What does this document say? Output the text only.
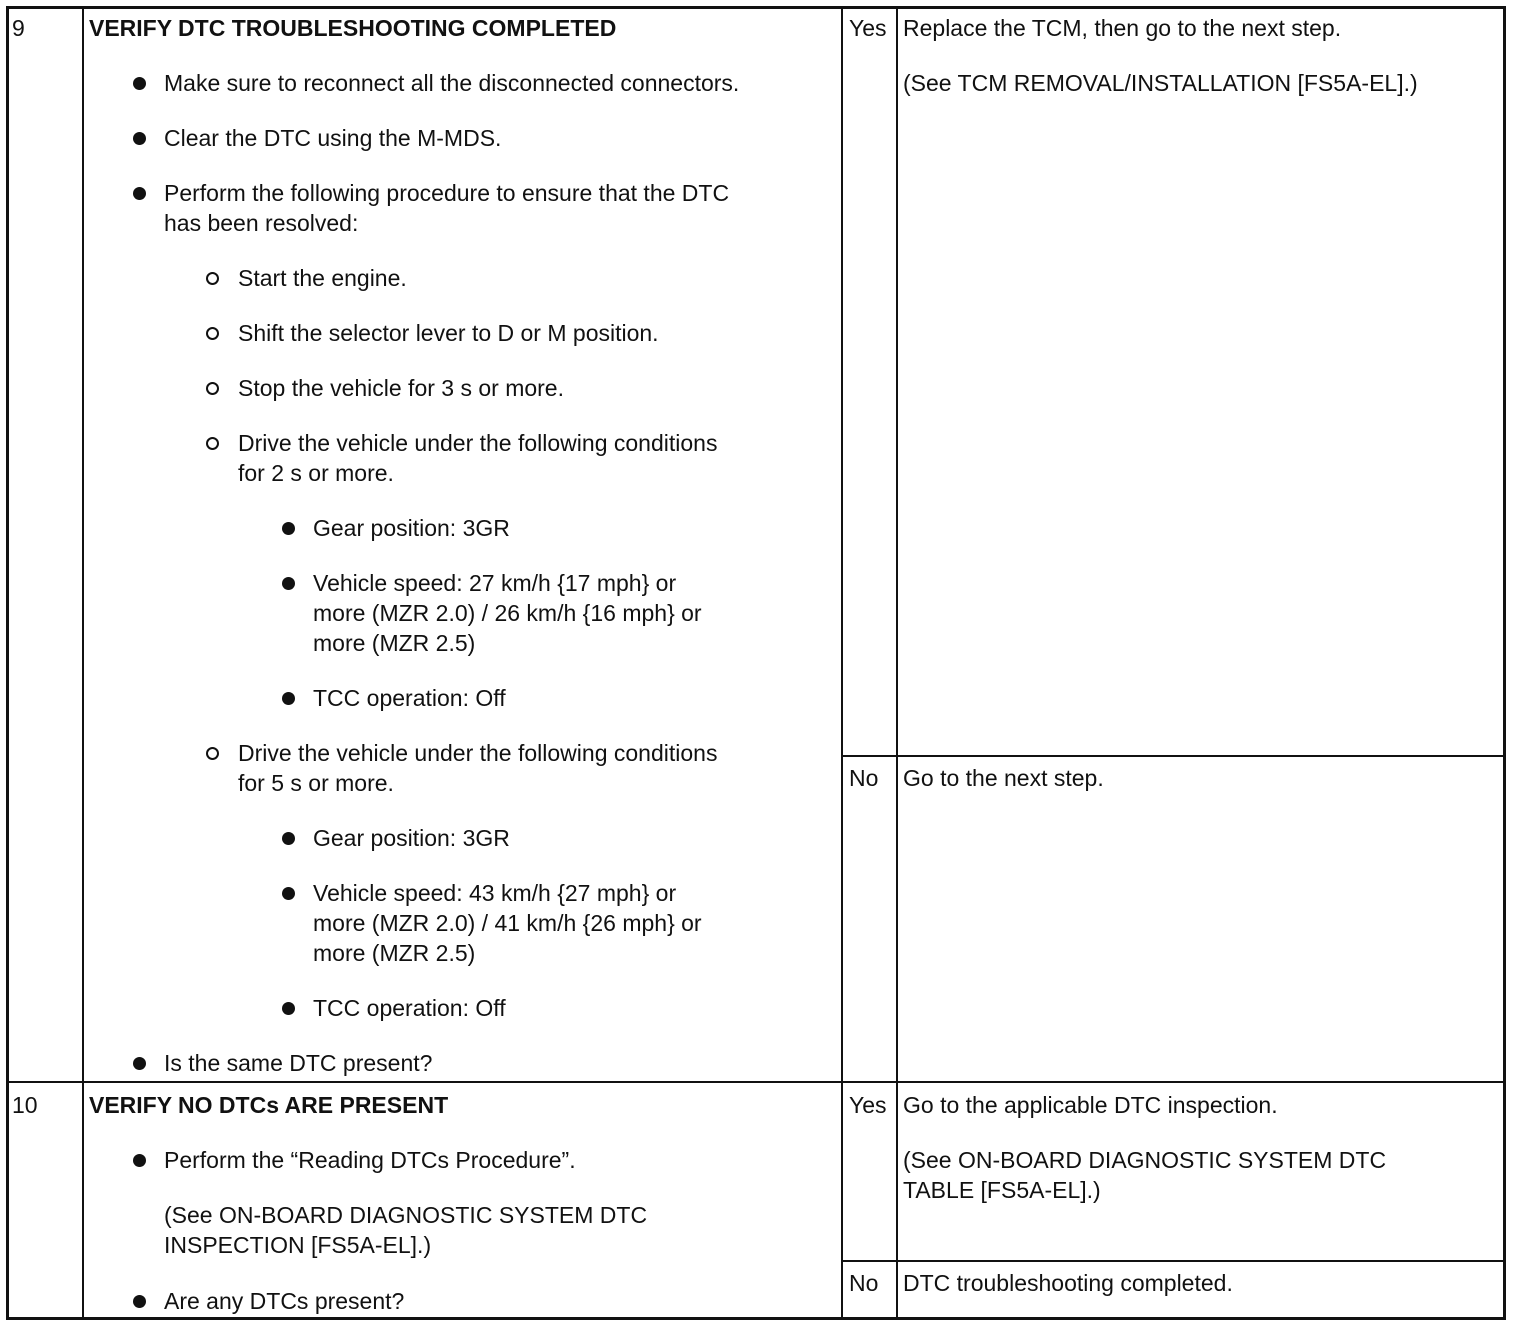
9	VERIFY DTC TROUBLESHOOTING COMPLETED
Make sure to reconnect all the disconnected connectors.
Clear the DTC using the M-MDS.
Perform the following procedure to ensure that the DTC
has been resolved:
Start the engine.
Shift the selector lever to D or M position.
Stop the vehicle for 3 s or more.
Drive the vehicle under the following conditions
for 2 s or more.
Gear position: 3GR
Vehicle speed: 27 km/h {17 mph} or
more (MZR 2.0) / 26 km/h {16 mph} or
more (MZR 2.5)
TCC operation: Off
Drive the vehicle under the following conditions
for 5 s or more.
Gear position: 3GR
Vehicle speed: 43 km/h {27 mph} or
more (MZR 2.0) / 41 km/h {26 mph} or
more (MZR 2.5)
TCC operation: Off
Is the same DTC present?
Yes Replace the TCM, then go to the next step.
(See TCM REMOVAL/INSTALLATION [FS5A-EL].)
No Go to the next step.
10 VERIFY NO DTCs ARE PRESENT
Perform the “Reading DTCs Procedure”.
(See ON-BOARD DIAGNOSTIC SYSTEM DTC
INSPECTION [FS5A-EL].)
Are any DTCs present?
Yes Go to the applicable DTC inspection.
(See ON-BOARD DIAGNOSTIC SYSTEM DTC
TABLE [FS5A-EL].)
No DTC troubleshooting completed.
